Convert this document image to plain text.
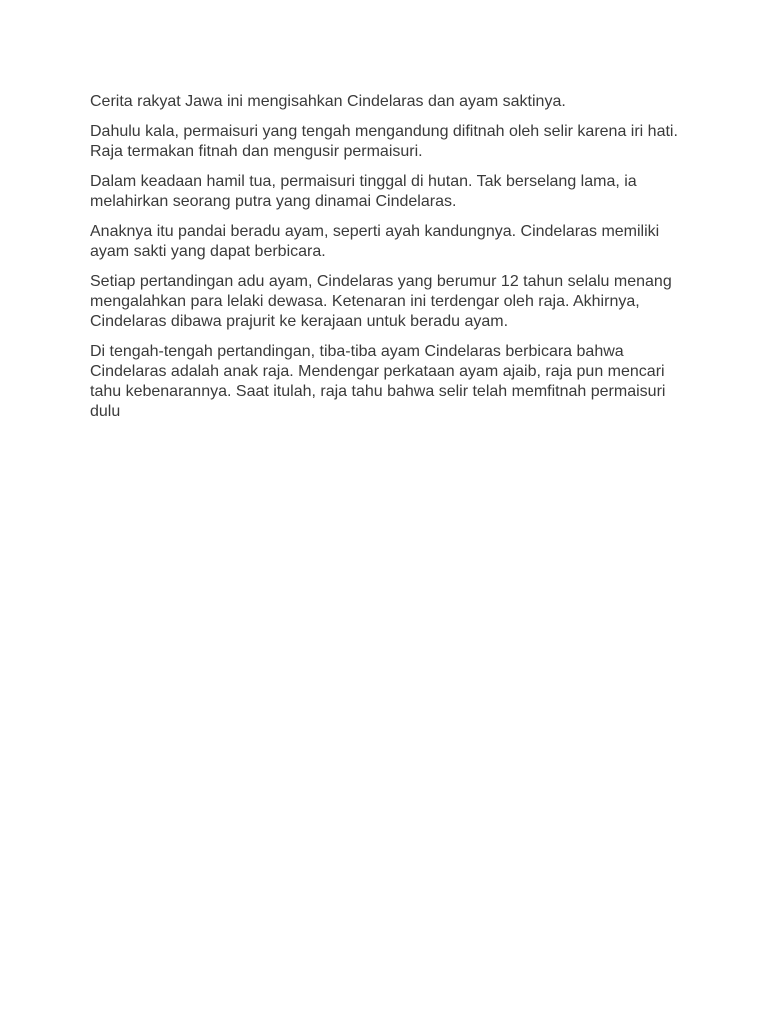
Cerita rakyat Jawa ini mengisahkan Cindelaras dan ayam saktinya.

Dahulu kala, permaisuri yang tengah mengandung difitnah oleh selir karena iri hati. Raja termakan fitnah dan mengusir permaisuri.

Dalam keadaan hamil tua, permaisuri tinggal di hutan. Tak berselang lama, ia melahirkan seorang putra yang dinamai Cindelaras.

Anaknya itu pandai beradu ayam, seperti ayah kandungnya. Cindelaras memiliki ayam sakti yang dapat berbicara.

Setiap pertandingan adu ayam, Cindelaras yang berumur 12 tahun selalu menang mengalahkan para lelaki dewasa. Ketenaran ini terdengar oleh raja. Akhirnya, Cindelaras dibawa prajurit ke kerajaan untuk beradu ayam.

Di tengah-tengah pertandingan, tiba-tiba ayam Cindelaras berbicara bahwa Cindelaras adalah anak raja. Mendengar perkataan ayam ajaib, raja pun mencari tahu kebenarannya. Saat itulah, raja tahu bahwa selir telah memfitnah permaisuri dulu
